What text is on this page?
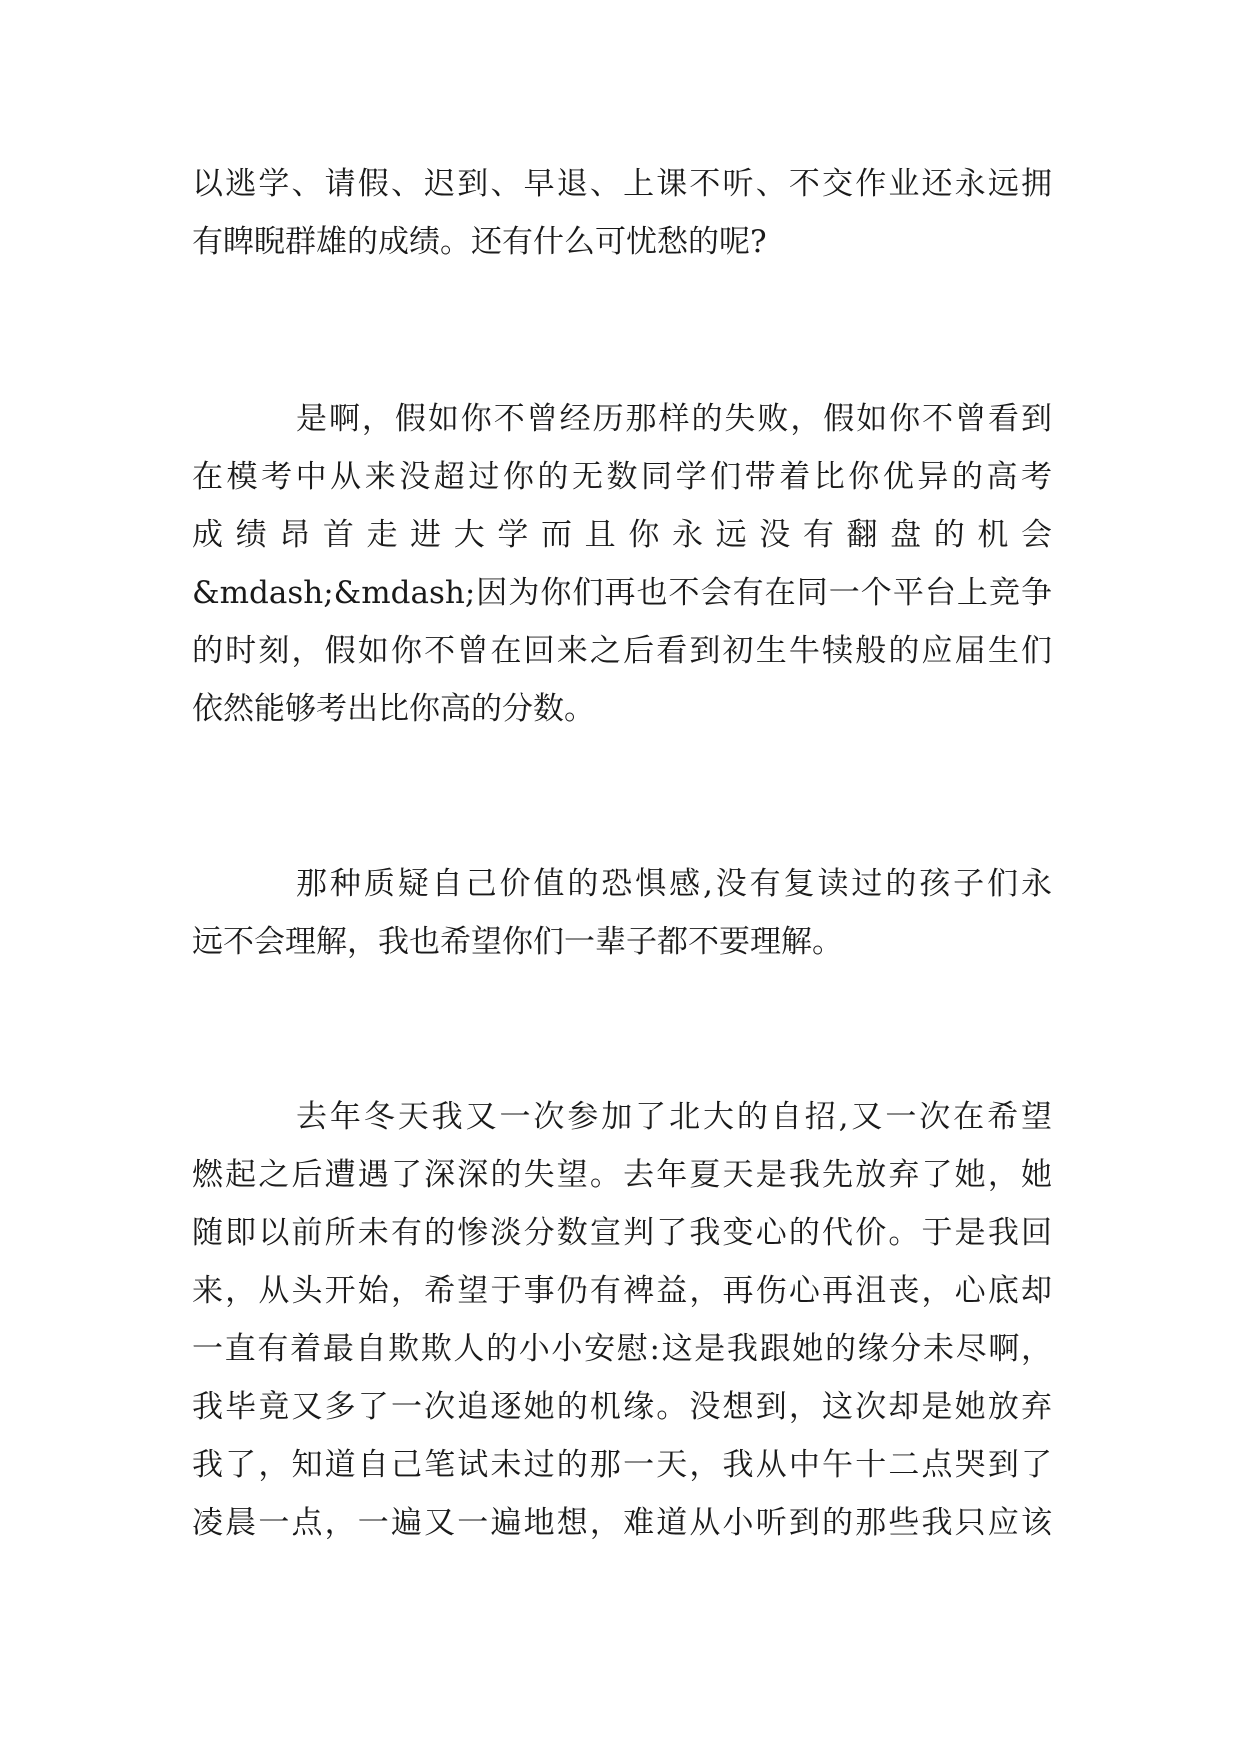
以逃学、请假、迟到、早退、上课不听、不交作业还永远拥
有睥睨群雄的成绩。还有什么可忧愁的呢?
是啊，假如你不曾经历那样的失败，假如你不曾看到
在模考中从来没超过你的无数同学们带着比你优异的高考
成绩昂首走进大学而且你永远没有翻盘的机会
&mdash;&mdash;因为你们再也不会有在同一个平台上竞争
的时刻，假如你不曾在回来之后看到初生牛犊般的应届生们
依然能够考出比你高的分数。
那种质疑自己价值的恐惧感,没有复读过的孩子们永
远不会理解，我也希望你们一辈子都不要理解。
去年冬天我又一次参加了北大的自招,又一次在希望
燃起之后遭遇了深深的失望。去年夏天是我先放弃了她，她
随即以前所未有的惨淡分数宣判了我变心的代价。于是我回
来，从头开始，希望于事仍有裨益，再伤心再沮丧，心底却
一直有着最自欺欺人的小小安慰:这是我跟她的缘分未尽啊，
我毕竟又多了一次追逐她的机缘。没想到，这次却是她放弃
我了，知道自己笔试未过的那一天，我从中午十二点哭到了
凌晨一点，一遍又一遍地想，难道从小听到的那些我只应该
